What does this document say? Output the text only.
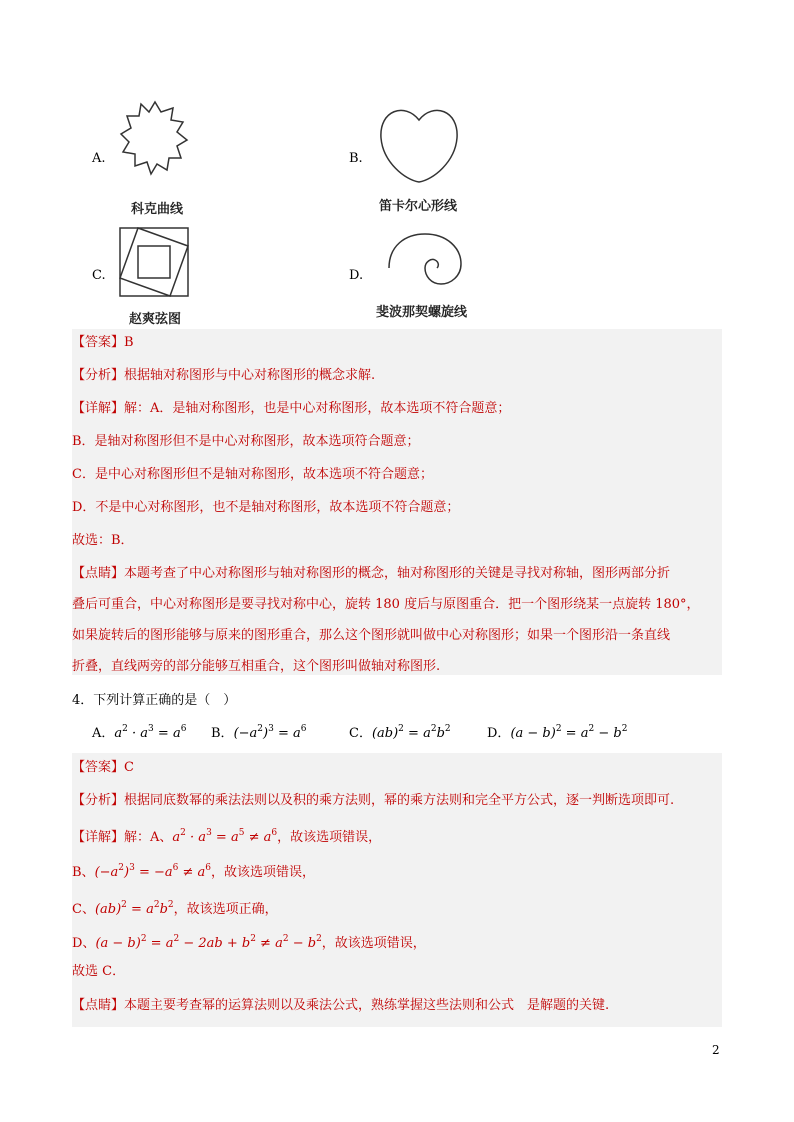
A.
科克曲线
B.
笛卡尔心形线
C.
赵爽弦图
D.
斐波那契螺旋线
【答案】B
【分析】根据轴对称图形与中心对称图形的概念求解.
【详解】解：A．是轴对称图形，也是中心对称图形，故本选项不符合题意；
B．是轴对称图形但不是中心对称图形，故本选项符合题意；
C．是中心对称图形但不是轴对称图形，故本选项不符合题意；
D．不是中心对称图形，也不是轴对称图形，故本选项不符合题意；
故选：B．
【点睛】本题考查了中心对称图形与轴对称图形的概念，轴对称图形的关键是寻找对称轴，图形两部分折
叠后可重合，中心对称图形是要寻找对称中心，旋转 180 度后与原图重合．把一个图形绕某一点旋转 180°，
如果旋转后的图形能够与原来的图形重合，那么这个图形就叫做中心对称图形；如果一个图形沿一条直线
折叠，直线两旁的部分能够互相重合，这个图形叫做轴对称图形.
4．下列计算正确的是（　）
A．$a^2 \cdot a^3 = a^6$ B．$(-a^2)^3 = a^6$	C．$(ab)^2 = a^2b^2$	D．$(a - b)^2 = a^2 - b^2$
【答案】C
【分析】根据同底数幂的乘法法则以及积的乘方法则，幂的乘方法则和完全平方公式，逐一判断选项即可.
【详解】解：A、$a^2 \cdot a^3 = a^5 \ne a^6$，故该选项错误，
B、$(-a^2)^3 = -a^6 \ne a^6$，故该选项错误，
C、$(ab)^2 = a^2b^2$，故该选项正确，
D、$(a - b)^2 = a^2 - 2ab + b^2 \ne a^2 - b^2$，故该选项错误，
故选 C．
【点睛】本题主要考查幂的运算法则以及乘法公式，熟练掌握这些法则和公式　是解题的关键.
2
